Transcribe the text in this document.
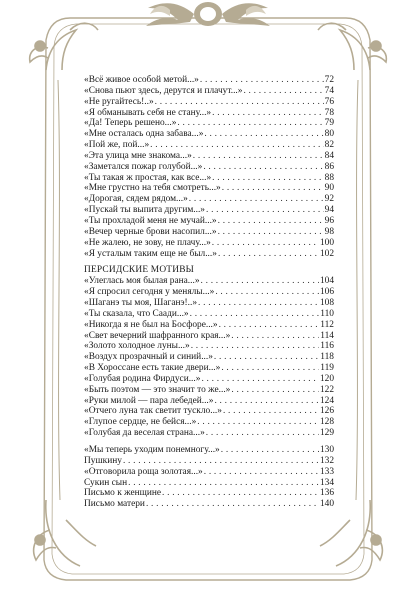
«Всё живое особой метой...» . . .	72
«Снова пьют здесь, дерутся и плачут...» . . .	74
«Не ругайтесь!..» . . .	76
«Я обманывать себя не стану...» . . .	78
«Да! Теперь решено...» . . .	79
«Мне осталась одна забава...» . . .	80
«Пой же, пой...» . . .	82
«Эта улица мне знакома...» . . .	84
«Заметался пожар голубой...» . . .	86
«Ты такая ж простая, как все...» . . .	88
«Мне грустно на тебя смотреть...» . . .	90
«Дорогая, сядем рядом...» . . .	92
«Пускай ты выпита другим...» . . .	94
«Ты прохладой меня не мучай...» . . .	96
«Вечер черные брови насопил...» . . .	98
«Не жалею, не зову, не плачу...» . . .	100
«Я усталым таким еще не был...» . . .	102
ПЕРСИДСКИЕ МОТИВЫ
«Улеглась моя былая рана...» . . .	104
«Я спросил сегодня у менялы...» . . .	106
«Шаганэ ты моя, Шаганэ!..» . . .	108
«Ты сказала, что Саади...» . . .	110
«Никогда я не был на Босфоре...» . . .	112
«Свет вечерний шафранного края...» . . .	114
«Золото холодное луны...» . . .	116
«Воздух прозрачный и синий...» . . .	118
«В Хороссане есть такие двери...» . . .	119
«Голубая родина Фирдуси...» . . .	120
«Быть поэтом — это значит то же...» . . .	122
«Руки милой — пара лебедей...» . . .	124
«Отчего луна так светит тускло...» . . .	126
«Глупое сердце, не бейся...» . . .	128
«Голубая да веселая страна...» . . .	129
«Мы теперь уходим понемногу...» . . .	130
Пушкину . . .	132
«Отговорила роща золотая...» . . .	133
Сукин сын . . .	134
Письмо к женщине . . .	136
Письмо матери . . .	140
